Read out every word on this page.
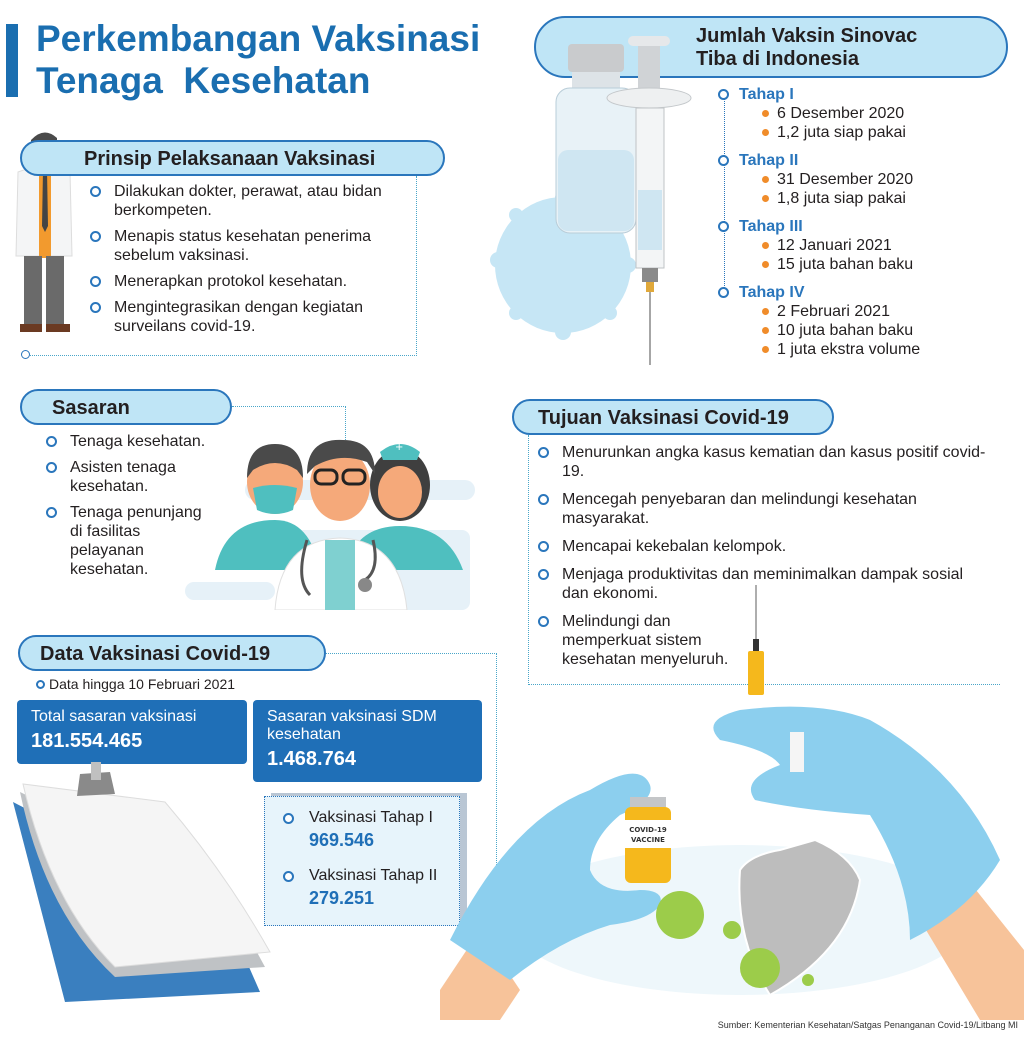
Perkembangan Vaksinasi
Tenaga  Kesehatan
Prinsip Pelaksanaan Vaksinasi
Dilakukan dokter, perawat, atau bidan berkompeten.
Menapis status kesehatan penerima sebelum vaksinasi.
Menerapkan protokol kesehatan.
Mengintegrasikan dengan kegiatan surveilans covid-19.
Jumlah Vaksin Sinovac
Tiba di Indonesia
Tahap I
6 Desember 2020
1,2 juta siap pakai
Tahap II
31 Desember 2020
1,8 juta siap pakai
Tahap III
12 Januari 2021
15 juta bahan baku
Tahap IV
2 Februari 2021
10 juta bahan baku
1 juta ekstra volume
Sasaran
Tenaga kesehatan.
Asisten tenaga kesehatan.
Tenaga penunjang di fasilitas pelayanan kesehatan.
+
Tujuan Vaksinasi Covid-19
Menurunkan angka kasus kematian dan kasus positif covid-19.
Mencegah penyebaran dan melindungi kesehatan masyarakat.
Mencapai kekebalan kelompok.
Menjaga produktivitas dan meminimalkan dampak sosial dan ekonomi.
Melindungi dan memperkuat sistem kesehatan menyeluruh.
Data Vaksinasi Covid-19
Data hingga 10 Februari 2021
Total sasaran vaksinasi
181.554.465
Sasaran vaksinasi SDM kesehatan
1.468.764
Vaksinasi Tahap I
969.546
Vaksinasi Tahap II
279.251
COVID-19
VACCINE
Sumber: Kementerian Kesehatan/Satgas Penanganan Covid-19/Litbang MI
